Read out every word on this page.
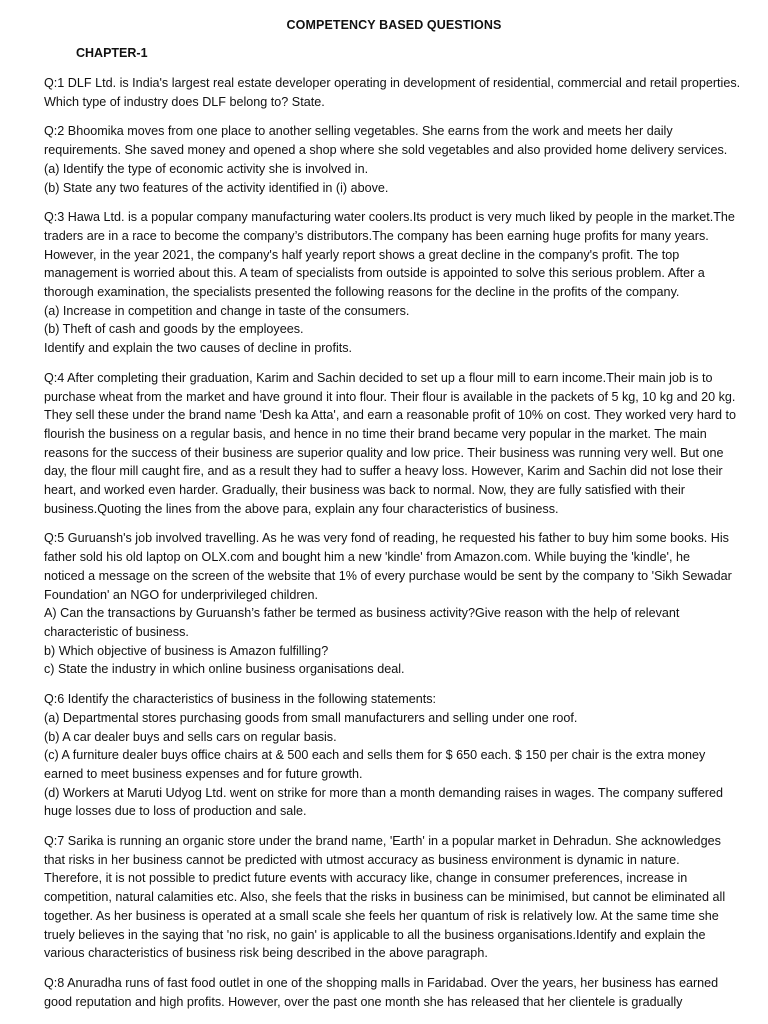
COMPETENCY BASED QUESTIONS
CHAPTER-1
Q:1 DLF Ltd. is India's largest real estate developer operating in development of residential, commercial and retail properties.
Which type of industry does DLF belong to? State.
Q:2 Bhoomika moves from one place to another selling vegetables. She earns from the work and meets her daily
requirements. She saved money and opened a shop where she sold vegetables and also provided home delivery services.
(a) Identify the type of economic activity she is involved in.
(b) State any two features of the activity identified in (i) above.
Q:3 Hawa Ltd. is a popular company manufacturing water coolers.Its product is very much liked by people in the market.The
traders are in a race to become the company’s distributors.The company has been earning huge profits for many years.
However, in the year 2021, the company's half yearly report shows a great decline in the company's profit. The top
management is worried about this. A team of specialists from outside is appointed to solve this serious problem. After a
thorough examination, the specialists presented the following reasons for the decline in the profits of the company.
(a) Increase in competition and change in taste of the consumers.
(b) Theft of cash and goods by the employees.
Identify and explain the two causes of decline in profits.
Q:4 After completing their graduation, Karim and Sachin decided to set up a flour mill to earn income.Their main job is to
purchase wheat from the market and have ground it into flour. Their flour is available in the packets of 5 kg, 10 kg and 20 kg.
They sell these under the brand name 'Desh ka Atta', and earn a reasonable profit of 10% on cost. They worked very hard to
flourish the business on a regular basis, and hence in no time their brand became very popular in the market. The main
reasons for the success of their business are superior quality and low price. Their business was running very well. But one
day, the flour mill caught fire, and as a result they had to suffer a heavy loss. However, Karim and Sachin did not lose their
heart, and worked even harder. Gradually, their business was back to normal. Now, they are fully satisfied with their
business.Quoting the lines from the above para, explain any four characteristics of business.
Q:5 Guruansh's job involved travelling. As he was very fond of reading, he requested his father to buy him some books. His
father sold his old laptop on OLX.com and bought him a new 'kindle' from Amazon.com. While buying the 'kindle', he
noticed a message on the screen of the website that 1% of every purchase would be sent by the company to 'Sikh Sewadar
Foundation' an NGO for underprivileged children.
A) Can the transactions by Guruansh’s father be termed as business activity?Give reason with the help of relevant
characteristic of business.
b) Which objective of business is Amazon fulfilling?
c) State the industry in which online business organisations deal.
Q:6 Identify the characteristics of business in the following statements:
(a) Departmental stores purchasing goods from small manufacturers and selling under one roof.
(b) A car dealer buys and sells cars on regular basis.
(c) A furniture dealer buys office chairs at & 500 each and sells them for $ 650 each. $ 150 per chair is the extra money
earned to meet business expenses and for future growth.
(d) Workers at Maruti Udyog Ltd. went on strike for more than a month demanding raises in wages. The company suffered
huge losses due to loss of production and sale.
Q:7 Sarika is running an organic store under the brand name, 'Earth' in a popular market in Dehradun. She acknowledges
that risks in her business cannot be predicted with utmost accuracy as business environment is dynamic in nature.
Therefore, it is not possible to predict future events with accuracy like, change in consumer preferences, increase in
competition, natural calamities etc. Also, she feels that the risks in business can be minimised, but cannot be eliminated all
together. As her business is operated at a small scale she feels her quantum of risk is relatively low. At the same time she
truely believes in the saying that 'no risk, no gain' is applicable to all the business organisations.Identify and explain the
various characteristics of business risk being described in the above paragraph.
Q:8 Anuradha runs of fast food outlet in one of the shopping malls in Faridabad. Over the years, her business has earned
good reputation and high profits. However, over the past one month she has released that her clientele is gradually
